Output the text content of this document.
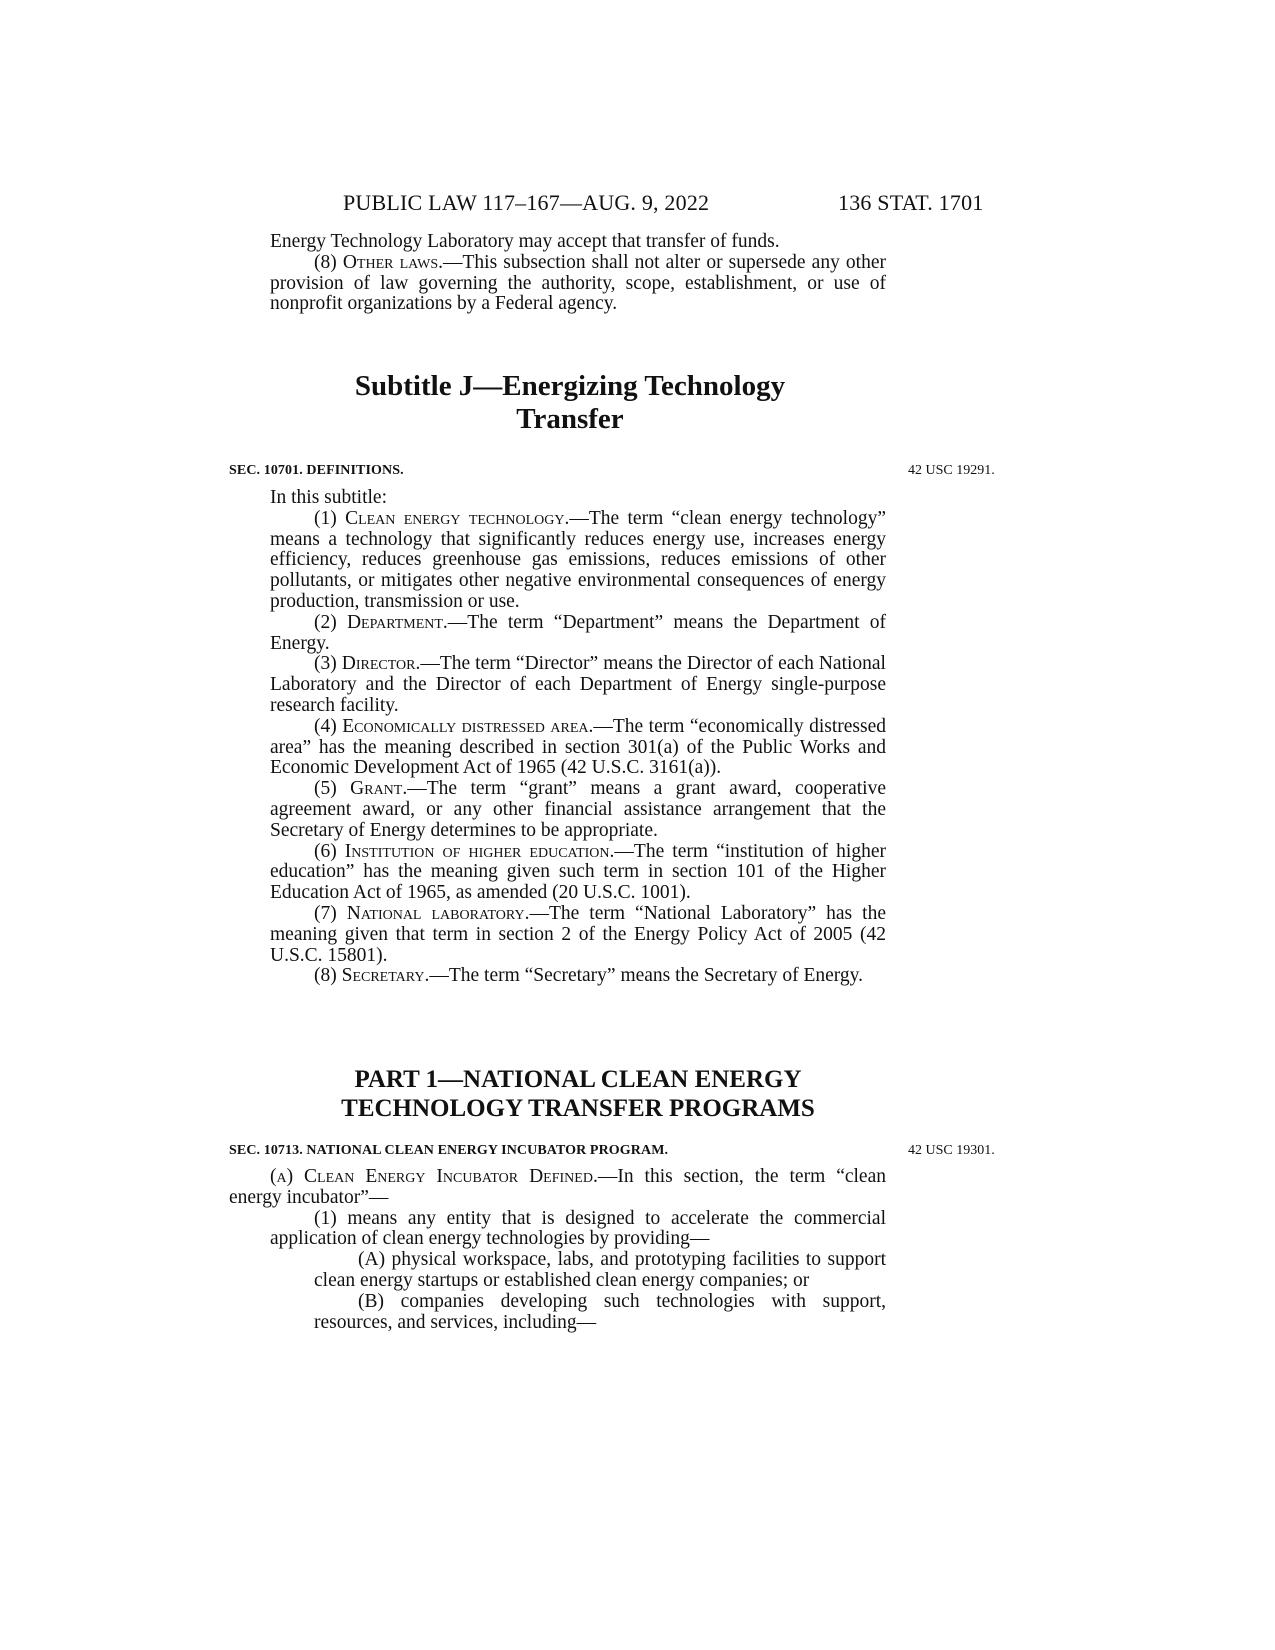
PUBLIC LAW 117–167—AUG. 9, 2022	136 STAT. 1701

Energy Technology Laboratory may accept that transfer of funds.

(8) Other laws.—This subsection shall not alter or supersede any other provision of law governing the authority, scope, establishment, or use of nonprofit organizations by a Federal agency.

Subtitle J—Energizing Technology
Transfer
SEC. 10701. DEFINITIONS.	42 USC 19291.

In this subtitle:

(1) Clean energy technology.—The term “clean energy technology” means a technology that significantly reduces energy use, increases energy efficiency, reduces greenhouse gas emissions, reduces emissions of other pollutants, or mitigates other negative environmental consequences of energy production, transmission or use.

(2) Department.—The term “Department” means the Department of Energy.

(3) Director.—The term “Director” means the Director of each National Laboratory and the Director of each Department of Energy single-purpose research facility.

(4) Economically distressed area.—The term “economically distressed area” has the meaning described in section 301(a) of the Public Works and Economic Development Act of 1965 (42 U.S.C. 3161(a)).

(5) Grant.—The term “grant” means a grant award, cooperative agreement award, or any other financial assistance arrangement that the Secretary of Energy determines to be appropriate.

(6) Institution of higher education.—The term “institution of higher education” has the meaning given such term in section 101 of the Higher Education Act of 1965, as amended (20 U.S.C. 1001).

(7) National laboratory.—The term “National Laboratory” has the meaning given that term in section 2 of the Energy Policy Act of 2005 (42 U.S.C. 15801).

(8) Secretary.—The term “Secretary” means the Secretary of Energy.

PART 1—NATIONAL CLEAN ENERGY
TECHNOLOGY TRANSFER PROGRAMS
SEC. 10713. NATIONAL CLEAN ENERGY INCUBATOR PROGRAM.	42 USC 19301.

(a) Clean Energy Incubator Defined.—In this section, the term “clean energy incubator”—

(1) means any entity that is designed to accelerate the commercial application of clean energy technologies by providing—

(A) physical workspace, labs, and prototyping facilities to support clean energy startups or established clean energy companies; or

(B) companies developing such technologies with support, resources, and services, including—
